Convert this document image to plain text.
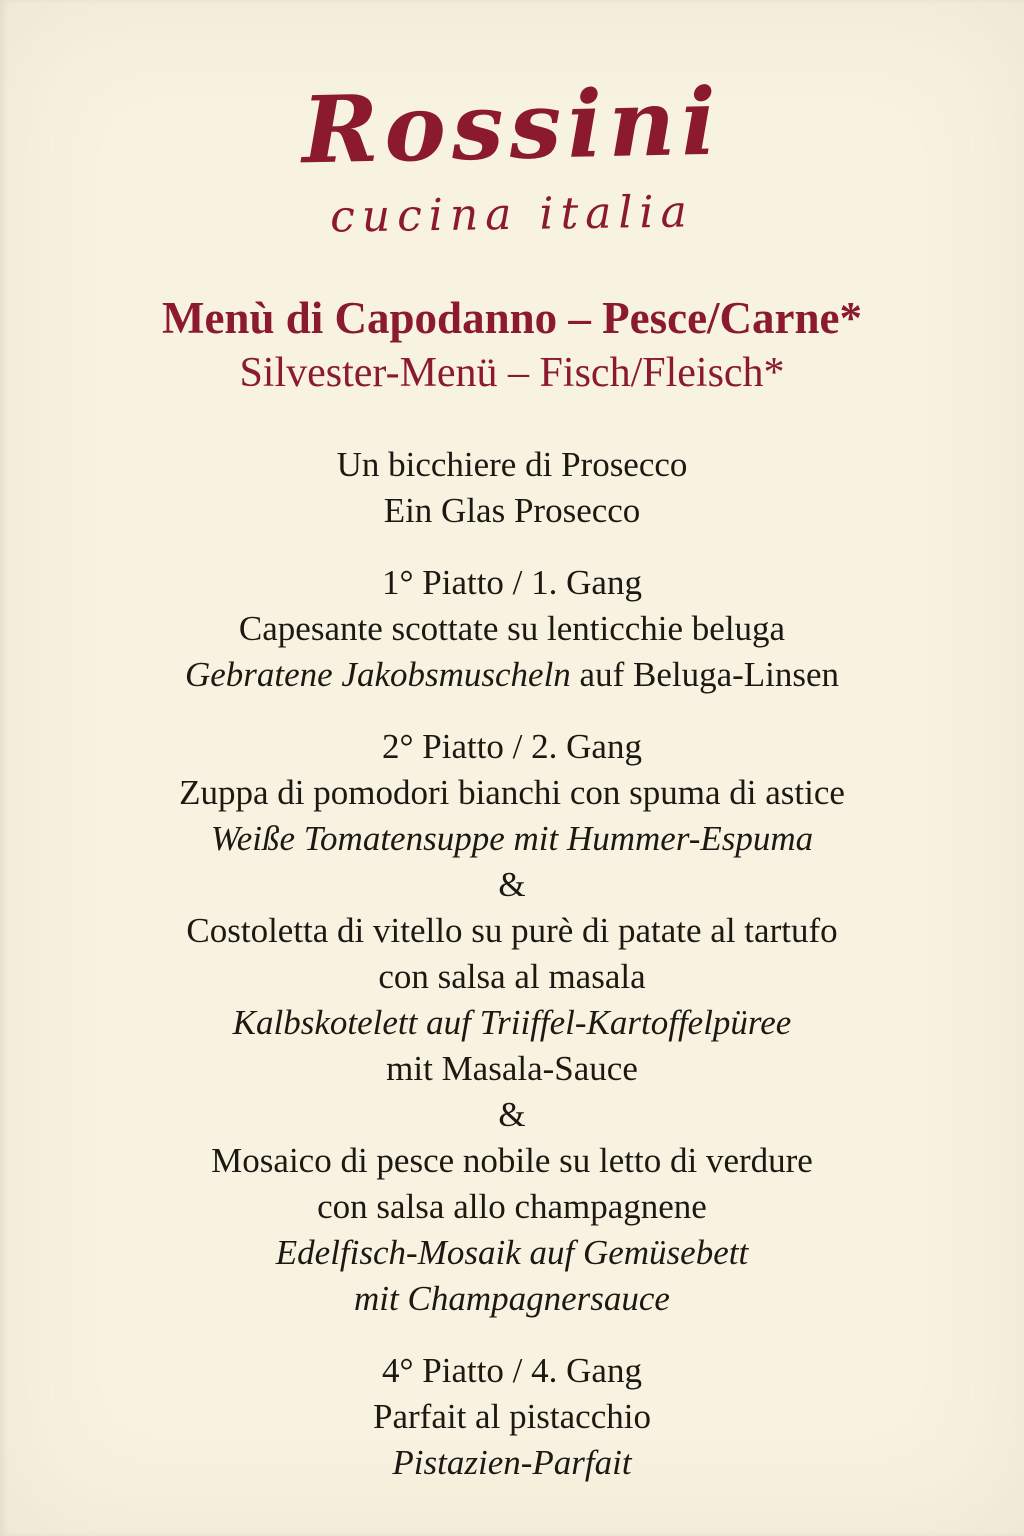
Rossini
cucina italia
Menù di Capodanno – Pesce/Carne*
Silvester-Menü – Fisch/Fleisch*
Un bicchiere di Prosecco
Ein Glas Prosecco
1° Piatto / 1. Gang
Capesante scottate su lenticchie beluga
Gebratene Jakobsmuscheln auf Beluga-Linsen
2° Piatto / 2. Gang
Zuppa di pomodori bianchi con spuma di astice
Weiße Tomatensuppe mit Hummer-Espuma
&
Costoletta di vitello su purè di patate al tartufo
con salsa al masala
Kalbskotelett auf Triiffel-Kartoffelpüree
mit Masala-Sauce
&
Mosaico di pesce nobile su letto di verdure
con salsa allo champagnene
Edelfisch-Mosaik auf Gemüsebett
mit Champagnersauce
4° Piatto / 4. Gang
Parfait al pistacchio
Pistazien-Parfait
